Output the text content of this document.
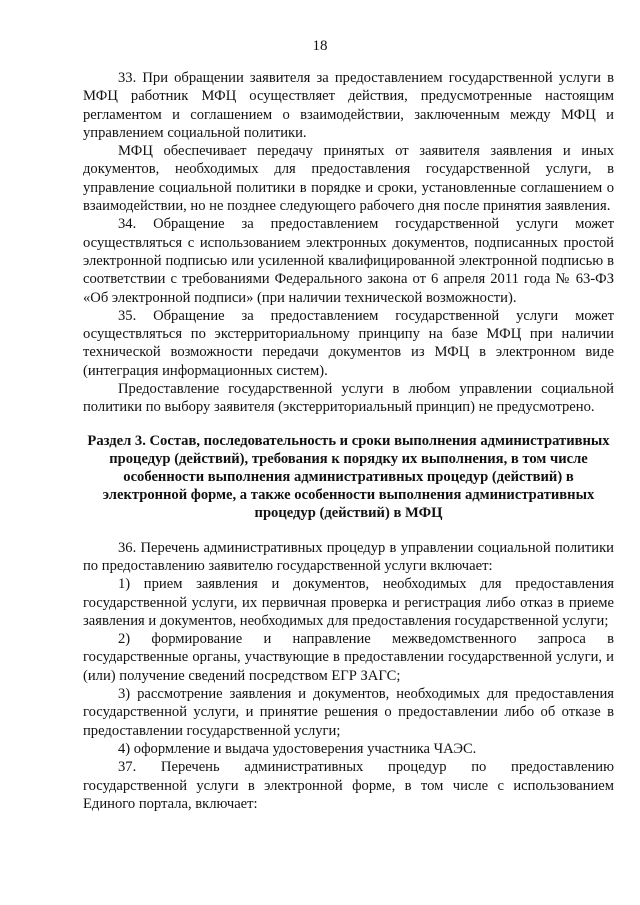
18

33. При обращении заявителя за предоставлением государственной услуги в МФЦ работник МФЦ осуществляет действия, предусмотренные настоящим регламентом и соглашением о взаимодействии, заключенным между МФЦ и управлением социальной политики.

МФЦ обеспечивает передачу принятых от заявителя заявления и иных документов, необходимых для предоставления государственной услуги, в управление социальной политики в порядке и сроки, установленные соглашением о взаимодействии, но не позднее следующего рабочего дня после принятия заявления.

34. Обращение за предоставлением государственной услуги может осуществляться с использованием электронных документов, подписанных простой электронной подписью или усиленной квалифицированной электронной подписью в соответствии с требованиями Федерального закона от 6 апреля 2011 года № 63-ФЗ «Об электронной подписи» (при наличии технической возможности).

35. Обращение за предоставлением государственной услуги может осуществляться по экстерриториальному принципу на базе МФЦ при наличии технической возможности передачи документов из МФЦ в электронном виде (интеграция информационных систем).

Предоставление государственной услуги в любом управлении социальной политики по выбору заявителя (экстерриториальный принцип) не предусмотрено.

Раздел 3. Состав, последовательность и сроки выполнения административных процедур (действий), требования к порядку их выполнения, в том числе особенности выполнения административных процедур (действий) в электронной форме, а также особенности выполнения административных процедур (действий) в МФЦ

36. Перечень административных процедур в управлении социальной политики по предоставлению заявителю государственной услуги включает:

1) прием заявления и документов, необходимых для предоставления государственной услуги, их первичная проверка и регистрация либо отказ в приеме заявления и документов, необходимых для предоставления государственной услуги;

2) формирование и направление межведомственного запроса в государственные органы, участвующие в предоставлении государственной услуги, и (или) получение сведений посредством ЕГР ЗАГС;

3) рассмотрение заявления и документов, необходимых для предоставления государственной услуги, и принятие решения о предоставлении либо об отказе в предоставлении государственной услуги;

4) оформление и выдача удостоверения участника ЧАЭС.

37. Перечень административных процедур по предоставлению государственной услуги в электронной форме, в том числе с использованием Единого портала, включает:
